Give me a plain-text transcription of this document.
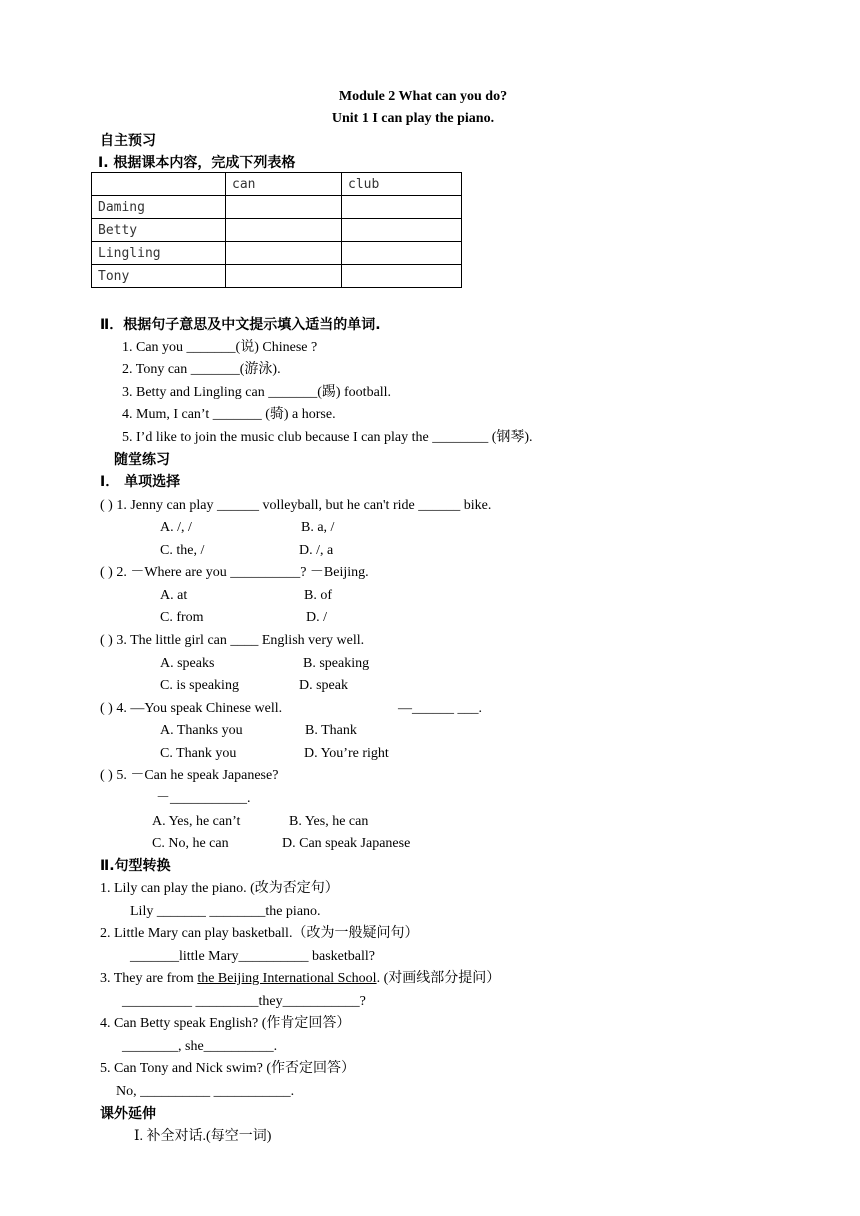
Module 2 What can you do?
Unit 1 I can play the piano.
自主预习
Ⅰ. 根据课本内容，完成下列表格
	can	club
Daming		
Betty		
Lingling		
Tony		
Ⅱ．根据句子意思及中文提示填入适当的单词.
1. Can you _______(说) Chinese ?
2. Tony can _______(游泳).
3. Betty and Lingling can _______(踢) football.
4. Mum, I can’t _______ (骑) a horse.
5. I’d like to join the music club because I can play the ________ (钢琴).
随堂练习
Ⅰ． 单项选择
( ) 1. Jenny can play ______ volleyball, but he can't ride ______ bike.
A. /, /	B. a, /
C. the, /	D. /, a
( ) 2. －Where are you __________? －Beijing.
A. at	B. of
C. from	D. /
( ) 3. The little girl can ____ English very well.
A. speaks	B. speaking
C. is speaking	D. speak
( ) 4. —You speak Chinese well.	—______ ___.
A. Thanks you	B. Thank
C. Thank you	D. You’re right
( ) 5. －Can he speak Japanese?
－___________.
A. Yes, he can’t	B. Yes, he can
C. No, he can	D. Can speak Japanese
Ⅱ.句型转换
1. Lily can play the piano. (改为否定句）
Lily _______ ________the piano.
2. Little Mary can play basketball.（改为一般疑问句）
_______little Mary__________ basketball?
3. They are from the Beijing International School. (对画线部分提问）
__________ _________they___________?
4. Can Betty speak English? (作肯定回答）
________, she__________.
5. Can Tony and Nick swim? (作否定回答）
No, __________ ___________.
课外延伸
Ⅰ. 补全对话.(每空一词)
